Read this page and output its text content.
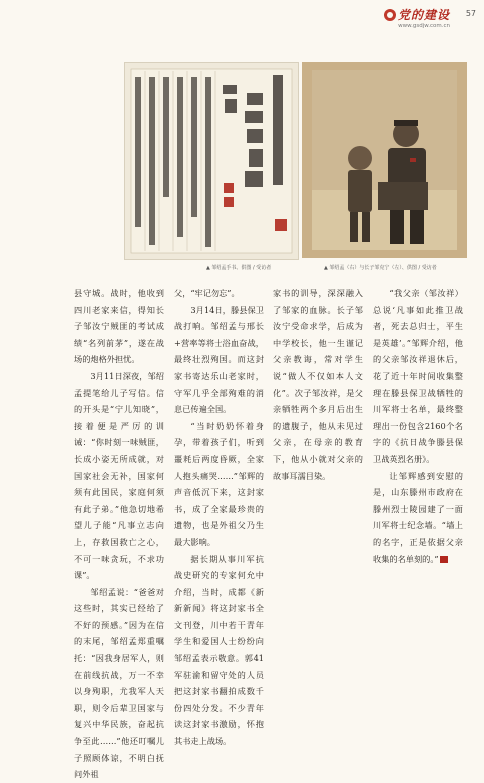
党的建设
www.gsdjw.com.cn
57
▲ 邹绍孟手书、供图 / 受访者	▲ 邹绍孟（右）与长子邹克宁（左）、供图 / 受访者

县守城。战时，他收到四川老家来信，得知长子邹汝宁贼匪的考试成绩“名列前茅”，遂在战场的炮格外担忧。

3月11日深夜，邹绍孟提笔给儿子写信。信的开头是“宁儿知晓”，接着便是严厉的训诫：“你时刻一味贼匪，长成小姿无所成就，对国家社会无补，国家何须有此国民，家庭何须有此子弟。”他急切地希望儿子能“凡事立志向上，存救国救亡之心，不可一味贪玩，不求功课”。

邹绍孟说：“爸爸对这些时，其实已经给了不好的预感。”因为在信的末尾，邹绍孟郑重嘱托：“因我身居军人，则在前线抗战，万一不幸以身殉职，尤我军人天职，则令后辈卫国家与复兴中华民族，奋起抗争至此……”他还叮嘱儿子照顾体谅，不明白抚问外祖

父，“牢记勿忘”。

3月14日，滕县保卫战打响。邹绍孟与邢长+营率等将士浴血奋战，最终壮烈殉国。而这封家书寄达乐山老家时，守军几乎全部殉难的消息已传遍全国。

“当时奶奶怀着身孕，带着孩子们，听到噩耗后两度昏厥，全家人抱头痛哭……”邹辉的声音低沉下来，这封家书，成了全家最珍贵的遗物，也是外祖父乃生最大影响。

据长期从事川军抗战史研究的专家何允中介绍，当时，成都《新新新闻》将这封家书全文刊登，川中若干青年学生和爱国人士纷纷向邹绍孟表示敬意。郭41军驻渝和留守处的人员把这封家书翻拍成数千份四处分发。不少青年读这封家书激励，怀抱其书走上战场。

家书的训导，深深融入了邹家的血脉。长子邹汝宁受命求学，后成为中学校长，他一生谨记父亲教诲，常对学生说“做人不仅如本人文化”。次子邹汝祥，是父亲牺牲两个多月后出生的遗腹子，他从未见过父亲，在母亲的教育下，他从小就对父亲的故事耳濡目染。

“我父亲（邹汝祥）总说‘凡事如此推卫战者，死去总归士，平生是英雄’。”邹辉介绍，他的父亲邹汝祥退休后，花了近十年时间收集整理在滕县保卫战牺牲的川军将士名单，最终整理出一份包含2160个名字的《抗日战争滕县保卫战英烈名册》。

让邹辉感到安慰的是，山东滕州市政府在滕州烈士陵园建了一面川军将士纪念墙。“墙上的名字，正是依据父亲收集的名单刻的。”
